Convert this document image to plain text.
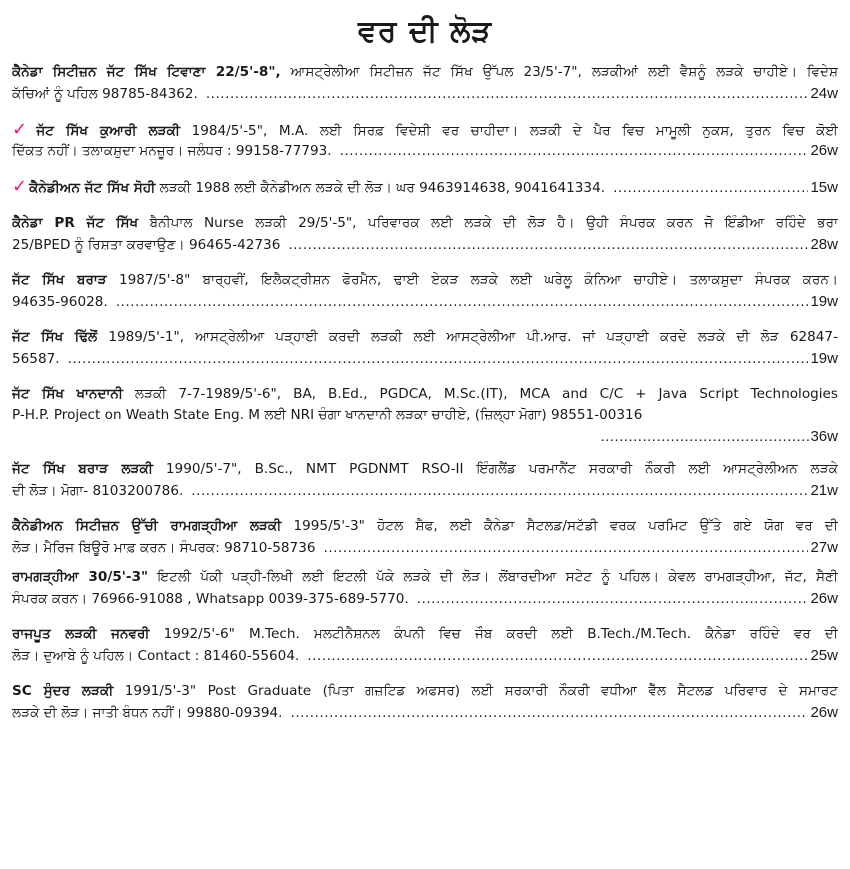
ਵਰ ਦੀ ਲੋੜ
ਕੈਨੇਡਾ ਸਿਟੀਜ਼ਨ ਜੱਟ ਸਿੱਖ ਟਿਵਾਣਾ 22/5'-8", ਆਸਟ੍ਰੇਲੀਆ ਸਿਟੀਜ਼ਨ ਜੱਟ ਸਿੱਖ ਉੱਪਲ 23/5'-7", ਲੜਕੀਆਂ ਲਈ ਵੈਸ਼ਨੂੰ ਲੜਕੇ ਚਾਹੀਏ। ਵਿਦੇਸ਼
ਕੱਚਿਆਂ ਨੂੰ ਪਹਿਲ 98785-84362. .....	24w
✓ ਜੱਟ ਸਿੱਖ ਕੁਆਰੀ ਲੜਕੀ 1984/5'-5", M.A. ਲਈ ਸਿਰਫ਼ ਵਿਦੇਸ਼ੀ ਵਰ ਚਾਹੀਦਾ। ਲੜਕੀ ਦੇ ਪੈਰ ਵਿਚ ਮਾਮੂਲੀ ਨੁਕਸ, ਤੁਰਨ ਵਿਚ ਕੋਈ
ਦਿੱਕਤ ਨਹੀਂ। ਤਲਾਕਸ਼ੁਦਾ ਮਨਜ਼ੂਰ। ਜਲੰਧਰ : 99158-77793. .....	26w
✓ ਕੈਨੇਡੀਅਨ ਜੱਟ ਸਿੱਖ ਸੋਹੀ ਲੜਕੀ 1988 ਲਈ ਕੈਨੇਡੀਅਨ ਲੜਕੇ ਦੀ ਲੋੜ। ਘਰ 9463914638, 9041641334. .....	15w
ਕੈਨੇਡਾ PR ਜੱਟ ਸਿੱਖ ਬੈਨੀਪਾਲ Nurse ਲੜਕੀ 29/5'-5", ਪਰਿਵਾਰਕ ਲਈ ਲੜਕੇ ਦੀ ਲੋੜ ਹੈ। ਉਹੀ ਸੰਪਰਕ ਕਰਨ ਜੋ ਇੰਡੀਆ ਰਹਿੰਦੇ ਭਰਾ
25/BPED ਨੂੰ ਰਿਸ਼ਤਾ ਕਰਵਾਉਣ। 96465-42736 .....	28w
ਜੱਟ ਸਿੱਖ ਬਰਾੜ 1987/5'-8" ਬਾਰ੍ਹਵੀਂ, ਇਲੈਕਟ੍ਰੀਸ਼ਨ ਫੋਰਮੈਨ, ਢਾਈ ਏਕੜ ਲੜਕੇ ਲਈ ਘਰੇਲੂ ਕੰਨਿਆ ਚਾਹੀਏ। ਤਲਾਕਸ਼ੁਦਾ ਸੰਪਰਕ ਕਰਨ।
94635-96028. .....	19w
ਜੱਟ ਸਿੱਖ ਢਿੱਲੋਂ 1989/5'-1", ਆਸਟ੍ਰੇਲੀਆ ਪੜ੍ਹਾਈ ਕਰਦੀ ਲੜਕੀ ਲਈ ਆਸਟ੍ਰੇਲੀਆ ਪੀ.ਆਰ. ਜਾਂ ਪੜ੍ਹਾਈ ਕਰਦੇ ਲੜਕੇ ਦੀ ਲੋੜ 62847-
56587. .....	19w
ਜੱਟ ਸਿੱਖ ਖਾਨਦਾਨੀ ਲੜਕੀ 7-7-1989/5'-6", BA, B.Ed., PGDCA, M.Sc.(IT), MCA and C/C + Java Script Technologies
P-H.P. Project on Weath State Eng. M ਲਈ NRI ਚੰਗਾ ਖਾਨਦਾਨੀ ਲੜਕਾ ਚਾਹੀਏ, (ਜ਼ਿਲ੍ਹਾ ਮੋਗਾ) 98551-00316
.....36w
ਜੱਟ ਸਿੱਖ ਬਰਾੜ ਲੜਕੀ 1990/5'-7", B.Sc., NMT PGDNMT RSO-II ਇੰਗਲੈਂਡ ਪਰਮਾਨੈਂਟ ਸਰਕਾਰੀ ਨੌਕਰੀ ਲਈ ਆਸਟ੍ਰੇਲੀਅਨ ਲੜਕੇ
ਦੀ ਲੋੜ। ਮੋਗਾ- 8103200786. .....	21w
ਕੈਨੇਡੀਅਨ ਸਿਟੀਜ਼ਨ ਉੱਚੀ ਰਾਮਗੜ੍ਹੀਆ ਲੜਕੀ 1995/5'-3" ਹੋਟਲ ਸ਼ੈਫ, ਲਈ ਕੈਨੇਡਾ ਸੈਟਲਡ/ਸਟੱਡੀ ਵਰਕ ਪਰਮਿਟ ਉੱਤੇ ਗਏ ਯੋਗ ਵਰ ਦੀ
ਲੋੜ। ਮੈਰਿਜ ਬਿਊਰੋ ਮਾਫ਼ ਕਰਨ। ਸੰਪਰਕ: 98710-58736 .....	27w
ਰਾਮਗੜ੍ਹੀਆ 30/5'-3" ਇਟਲੀ ਪੱਕੀ ਪੜ੍ਹੀ-ਲਿਖੀ ਲਈ ਇਟਲੀ ਪੱਕੇ ਲੜਕੇ ਦੀ ਲੋੜ। ਲੋਂਬਾਰਦੀਆ ਸਟੇਟ ਨੂੰ ਪਹਿਲ। ਕੇਵਲ ਰਾਮਗੜ੍ਹੀਆ, ਜੱਟ, ਸੈਣੀ
ਸੰਪਰਕ ਕਰਨ। 76966-91088 , Whatsapp 0039-375-689-5770. .....	26w
ਰਾਜਪੂਤ ਲੜਕੀ ਜਨਵਰੀ 1992/5'-6" M.Tech. ਮਲਟੀਨੈਸ਼ਨਲ ਕੰਪਨੀ ਵਿਚ ਜੌਬ ਕਰਦੀ ਲਈ B.Tech./M.Tech. ਕੈਨੇਡਾ ਰਹਿੰਦੇ ਵਰ ਦੀ
ਲੋੜ। ਦੁਆਬੇ ਨੂੰ ਪਹਿਲ। Contact : 81460-55604. .....	25w
SC ਸੁੰਦਰ ਲੜਕੀ 1991/5'-3" Post Graduate (ਪਿਤਾ ਗਜ਼ਟਿਡ ਅਫਸਰ) ਲਈ ਸਰਕਾਰੀ ਨੌਕਰੀ ਵਧੀਆ ਵੈੱਲ ਸੈਟਲਡ ਪਰਿਵਾਰ ਦੇ ਸਮਾਰਟ
ਲੜਕੇ ਦੀ ਲੋੜ। ਜਾਤੀ ਬੰਧਨ ਨਹੀਂ। 99880-09394. .....	26w
